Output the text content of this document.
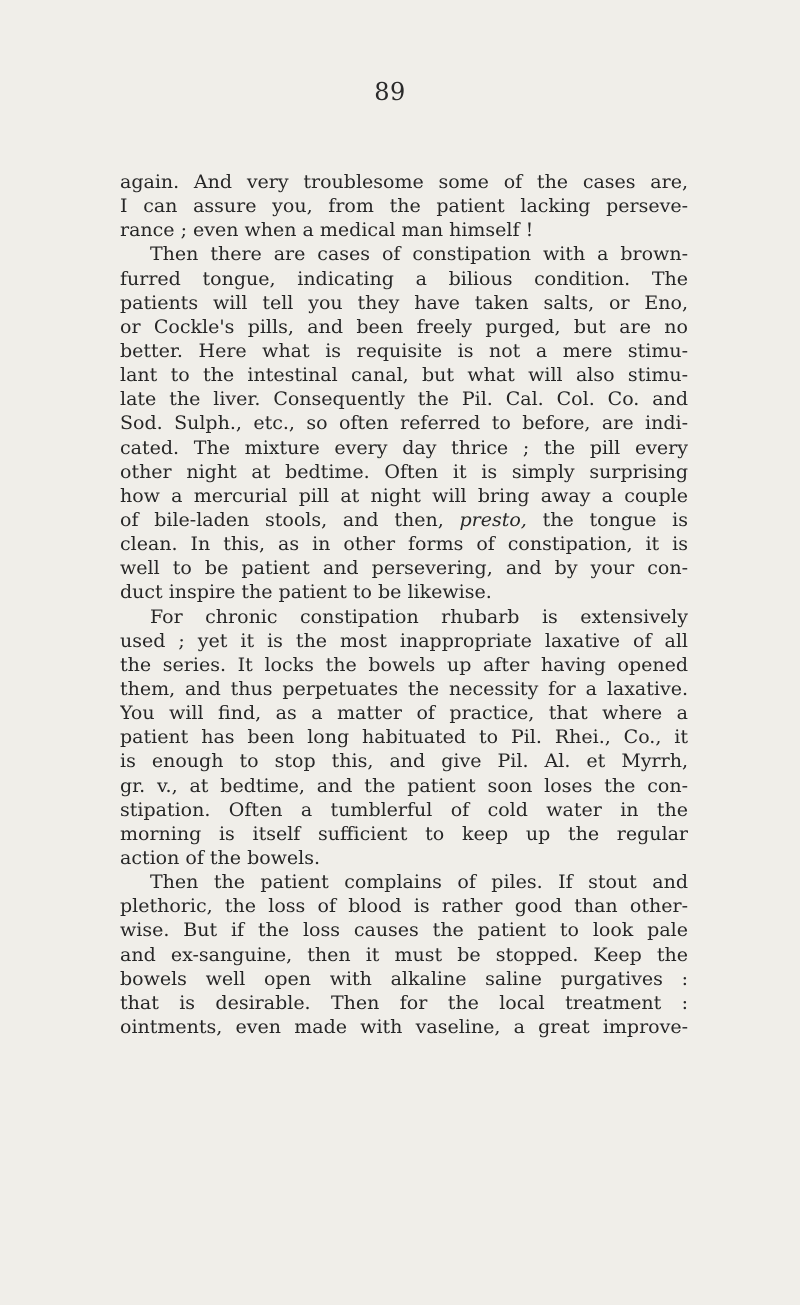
89
again. And very troublesome some of the cases are,
I can assure you, from the patient lacking perseve-
rance ; even when a medical man himself !
Then there are cases of constipation with a brown-
furred tongue, indicating a bilious condition. The
patients will tell you they have taken salts, or Eno,
or Cockle's pills, and been freely purged, but are no
better. Here what is requisite is not a mere stimu-
lant to the intestinal canal, but what will also stimu-
late the liver. Consequently the Pil. Cal. Col. Co. and
Sod. Sulph., etc., so often referred to before, are indi-
cated. The mixture every day thrice ; the pill every
other night at bedtime. Often it is simply surprising
how a mercurial pill at night will bring away a couple
of bile-laden stools, and then, presto, the tongue is
clean. In this, as in other forms of constipation, it is
well to be patient and persevering, and by your con-
duct inspire the patient to be likewise.
For chronic constipation rhubarb is extensively
used ; yet it is the most inappropriate laxative of all
the series. It locks the bowels up after having opened
them, and thus perpetuates the necessity for a laxative.
You will find, as a matter of practice, that where a
patient has been long habituated to Pil. Rhei., Co., it
is enough to stop this, and give Pil. Al. et Myrrh,
gr. v., at bedtime, and the patient soon loses the con-
stipation. Often a tumblerful of cold water in the
morning is itself sufficient to keep up the regular
action of the bowels.
Then the patient complains of piles. If stout and
plethoric, the loss of blood is rather good than other-
wise. But if the loss causes the patient to look pale
and ex-sanguine, then it must be stopped. Keep the
bowels well open with alkaline saline purgatives :
that is desirable. Then for the local treatment :
ointments, even made with vaseline, a great improve-
